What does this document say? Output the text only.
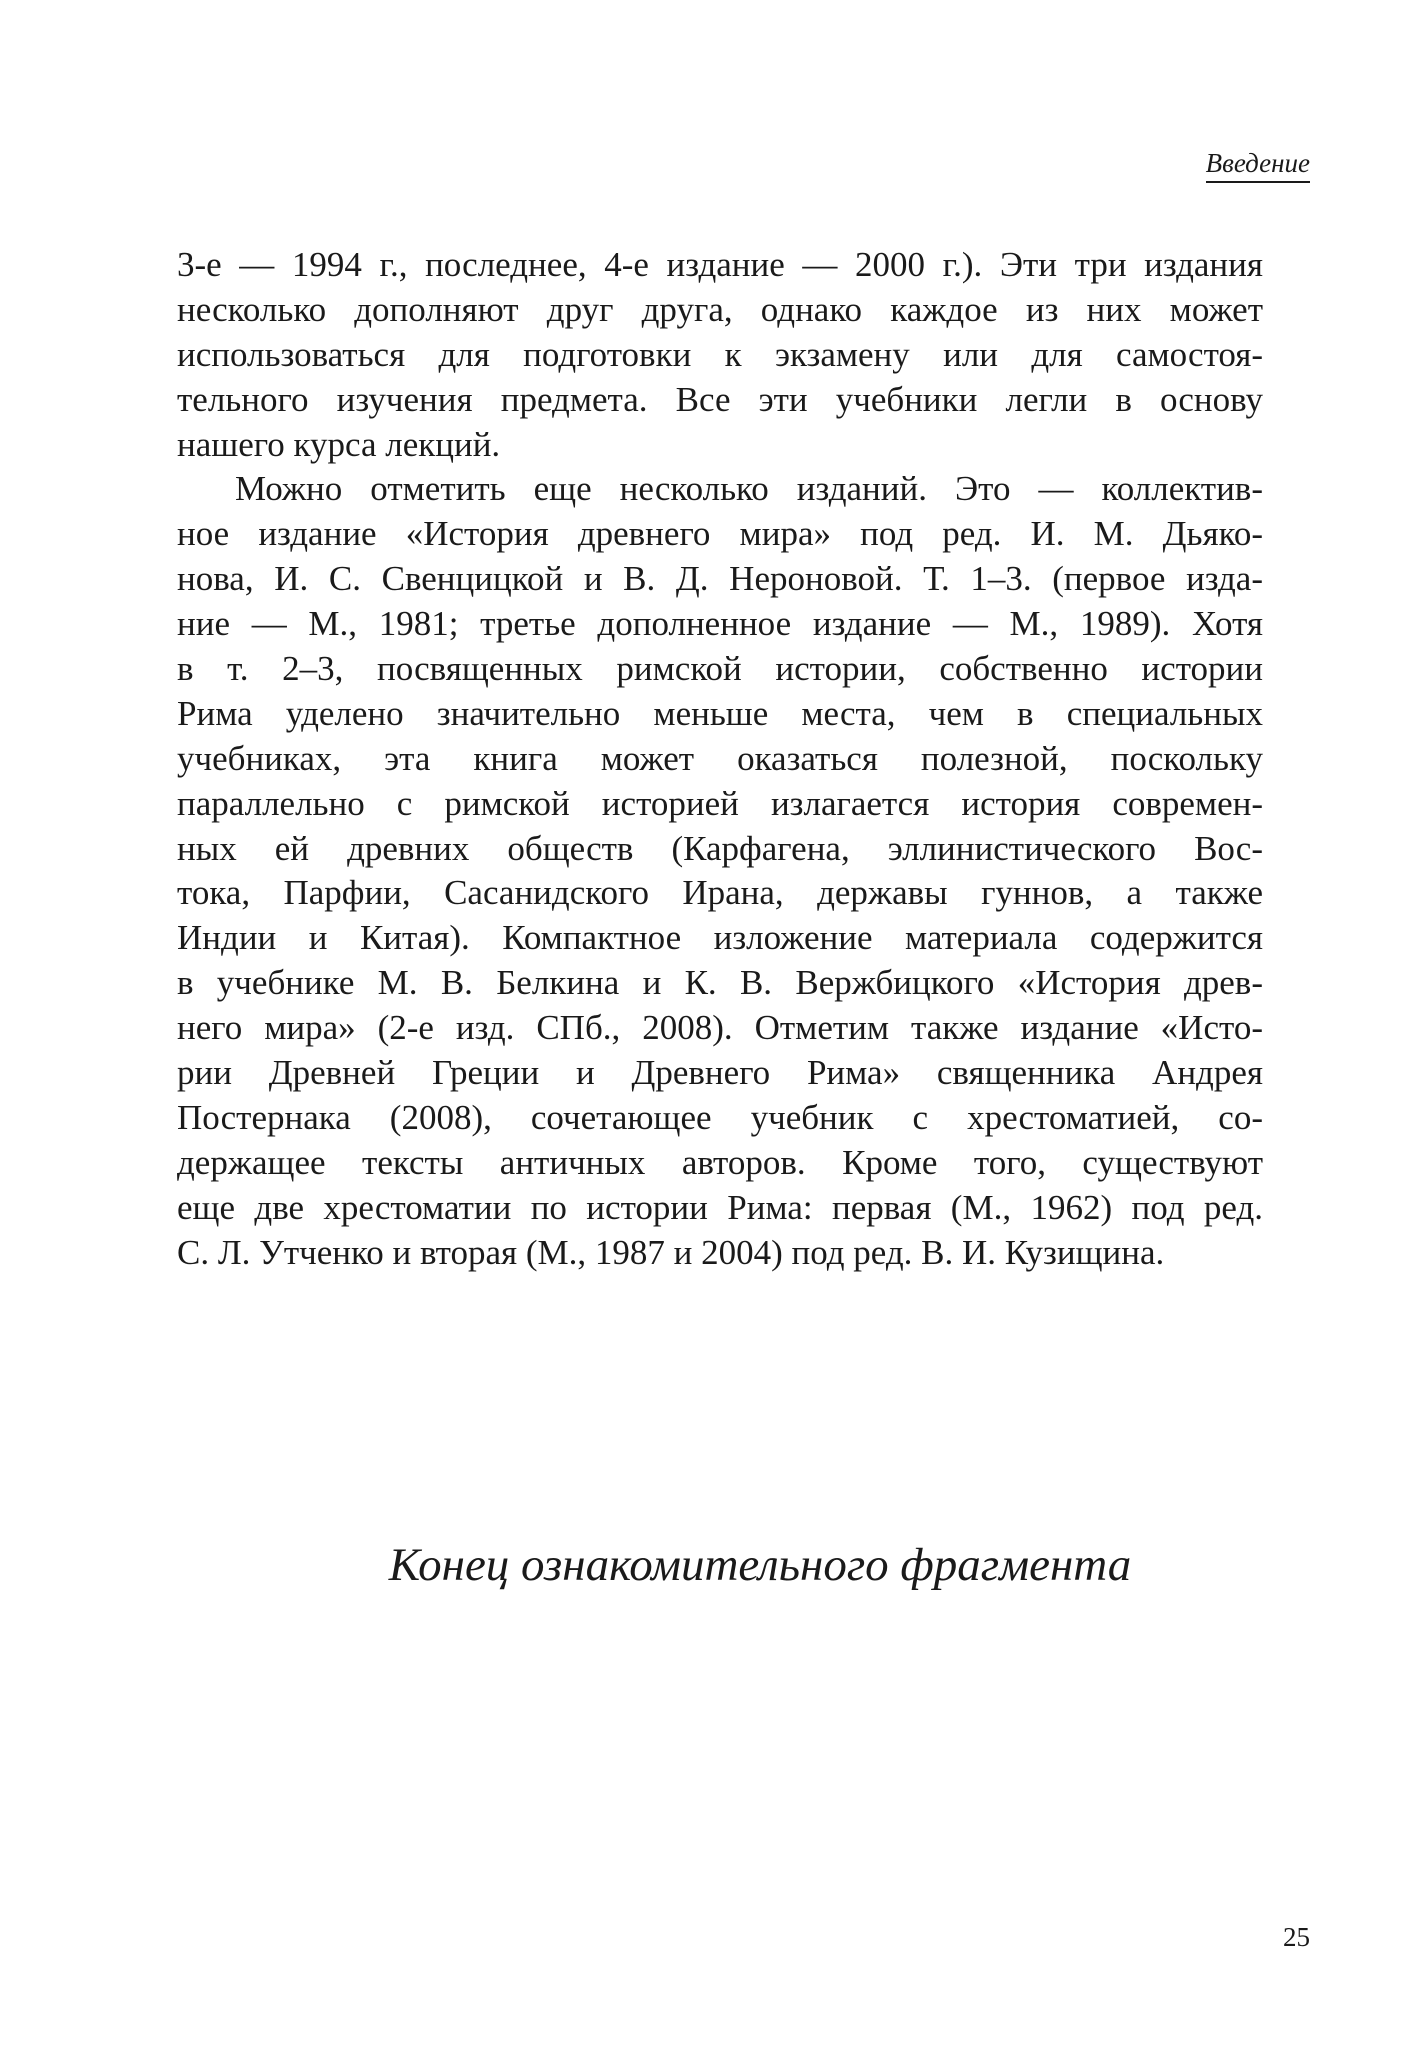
Введение
3-е — 1994 г., последнее, 4-е издание — 2000 г.). Эти три издания
несколько дополняют друг друга, однако каждое из них может
использоваться для подготовки к экзамену или для самостоя-
тельного изучения предмета. Все эти учебники легли в основу
нашего курса лекций.
Можно отметить еще несколько изданий. Это — коллектив-
ное издание «История древнего мира» под ред. И. М. Дьяко-
нова, И. С. Свенцицкой и В. Д. Нероновой. Т. 1–3. (первое изда-
ние — М., 1981; третье дополненное издание — М., 1989). Хотя
в т. 2–3, посвященных римской истории, собственно истории
Рима уделено значительно меньше места, чем в специальных
учебниках, эта книга может оказаться полезной, поскольку
параллельно с римской историей излагается история современ-
ных ей древних обществ (Карфагена, эллинистического Вос-
тока, Парфии, Сасанидского Ирана, державы гуннов, а также
Индии и Китая). Компактное изложение материала содержится
в учебнике М. В. Белкина и К. В. Вержбицкого «История древ-
него мира» (2-е изд. СПб., 2008). Отметим также издание «Исто-
рии Древней Греции и Древнего Рима» священника Андрея
Постернака (2008), сочетающее учебник с хрестоматией, со-
держащее тексты античных авторов. Кроме того, существуют
еще две хрестоматии по истории Рима: первая (М., 1962) под ред.
С. Л. Утченко и вторая (М., 1987 и 2004) под ред. В. И. Кузищина.
Конец ознакомительного фрагмента
25
